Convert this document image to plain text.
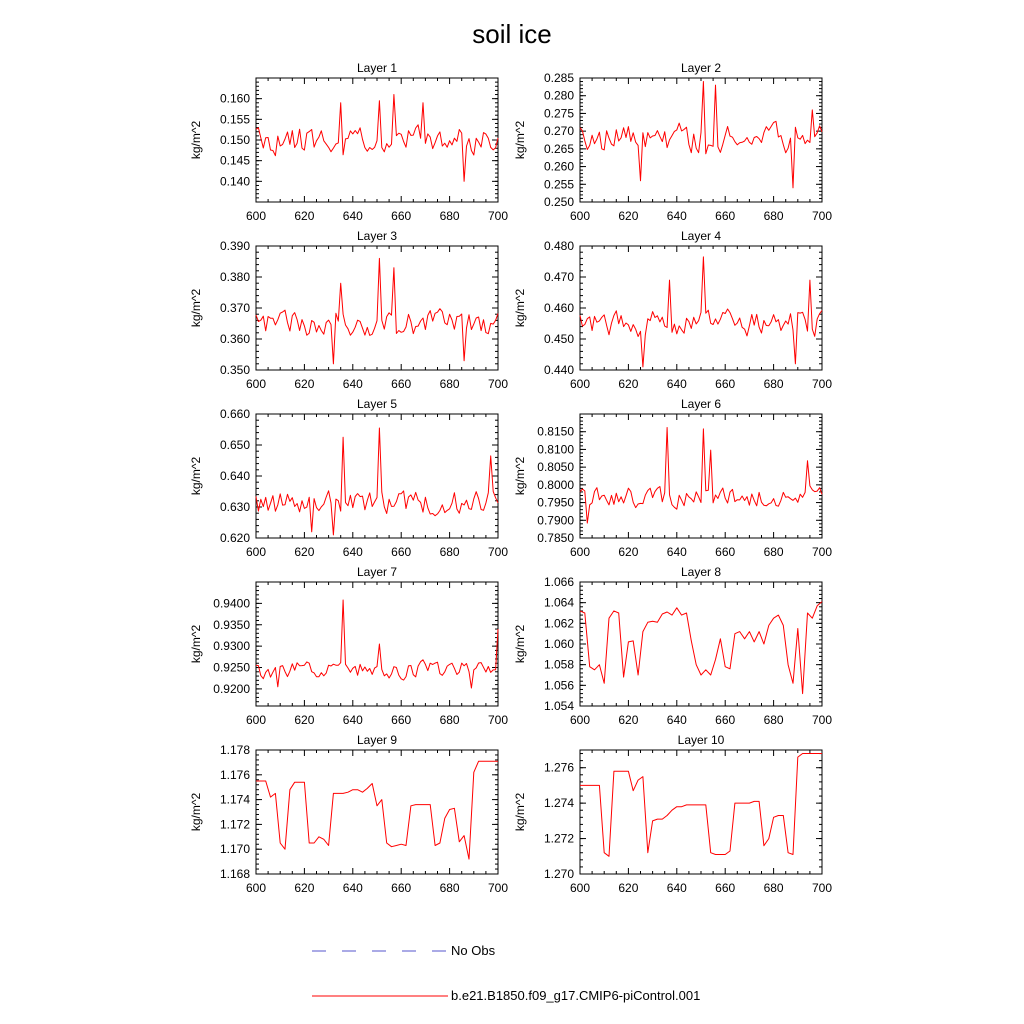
soil ice
Layer 1
kg/m^2
600 620 640 660 680 700
0.140
0.145
0.150
0.155
0.160
Layer 2
kg/m^2
600 620 640 660 680 700
0.250
0.255
0.260
0.265
0.270
0.275
0.280
0.285
Layer 3
kg/m^2
600 620 640 660 680 700
0.350
0.360
0.370
0.380
0.390
Layer 4
kg/m^2
600 620 640 660 680 700
0.440
0.450
0.460
0.470
0.480
Layer 5
kg/m^2
600 620 640 660 680 700
0.620
0.630
0.640
0.650
0.660
Layer 6
kg/m^2
600 620 640 660 680 700
0.7850
0.7900
0.7950
0.8000
0.8050
0.8100
0.8150
Layer 7
kg/m^2
600 620 640 660 680 700
0.9200
0.9250
0.9300
0.9350
0.9400
Layer 8
kg/m^2
600 620 640 660 680 700
1.054
1.056
1.058
1.060
1.062
1.064
1.066
Layer 9
kg/m^2
600 620 640 660 680 700
1.168
1.170
1.172
1.174
1.176
1.178
Layer 10
kg/m^2
600 620 640 660 680 700
1.270
1.272
1.274
1.276
No Obs
b.e21.B1850.f09_g17.CMIP6-piControl.001
